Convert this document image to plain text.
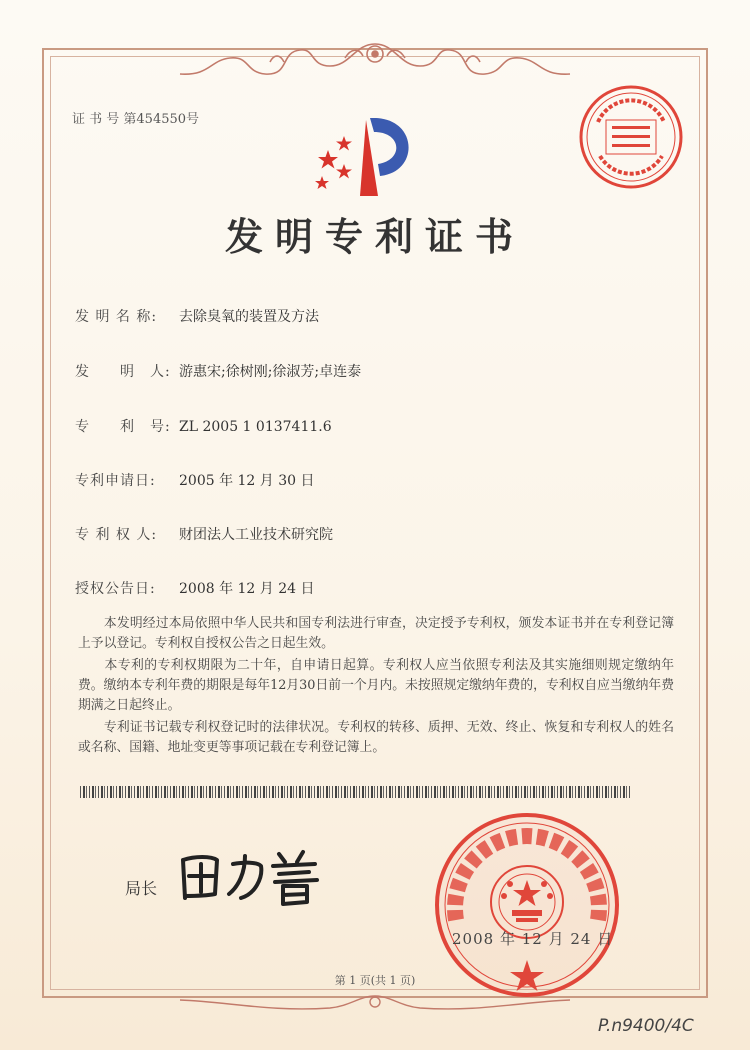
证 书 号 第454550号
发明专利证书
发 明 名 称: 去除臭氧的装置及方法
发　　明　人: 游惠宋;徐树刚;徐淑芳;卓连泰
专　　利　号: ZL 2005 1 0137411.6
专利申请日: 2005 年 12 月 30 日
专 利 权 人: 财团法人工业技术研究院
授权公告日: 2008 年 12 月 24 日
　　本发明经过本局依照中华人民共和国专利法进行审查，决定授予专利权，颁发本证书并在专利登记簿上予以登记。专利权自授权公告之日起生效。
　　本专利的专利权期限为二十年，自申请日起算。专利权人应当依照专利法及其实施细则规定缴纳年费。缴纳本专利年费的期限是每年12月30日前一个月内。未按照规定缴纳年费的，专利权自应当缴纳年费期满之日起终止。
　　专利证书记载专利权登记时的法律状况。专利权的转移、质押、无效、终止、恢复和专利权人的姓名或名称、国籍、地址变更等事项记载在专利登记簿上。
局长
2008 年 12 月 24 日
第 1 页(共 1 页)
P.n9400/4C
